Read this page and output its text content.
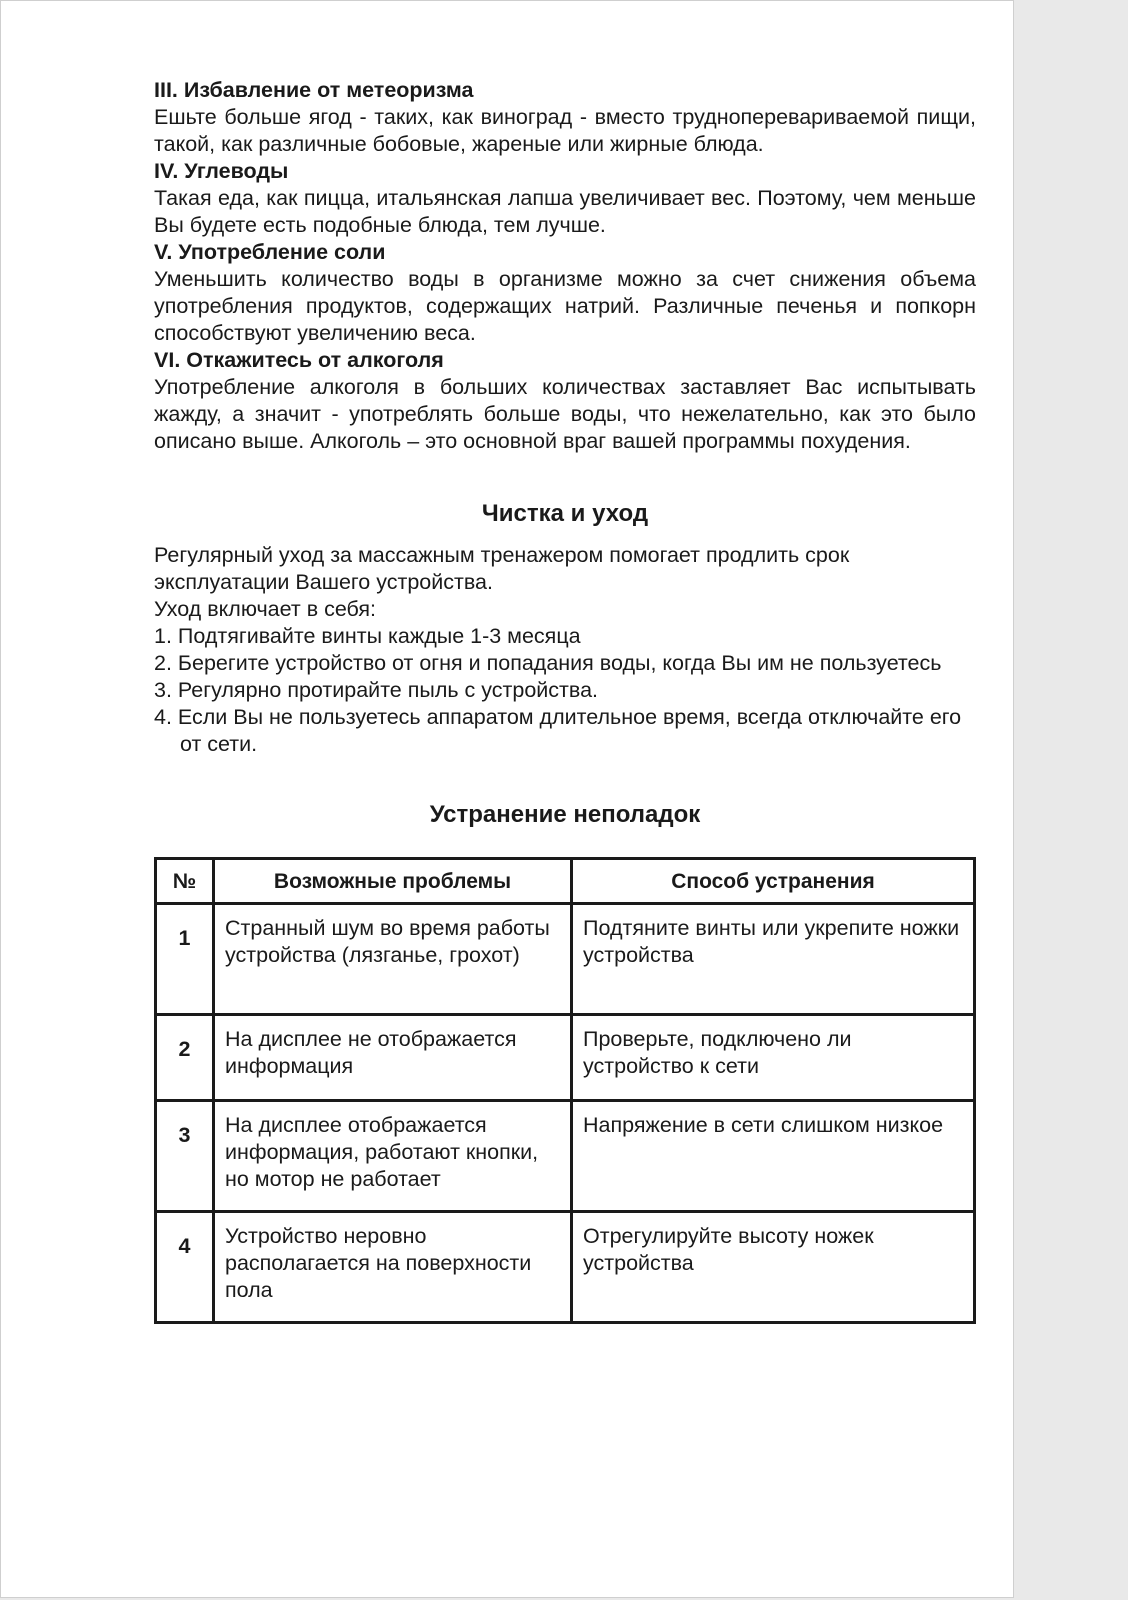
III. Избавление от метеоризма

Ешьте больше ягод - таких, как виноград - вместо трудноперевариваемой пищи, такой, как различные бобовые, жареные или жирные блюда.

IV. Углеводы

Такая еда, как пицца, итальянская лапша увеличивает вес. Поэтому, чем меньше Вы будете есть подобные блюда, тем лучше.

V. Употребление соли

Уменьшить количество воды в организме можно за счет снижения объема употребления продуктов, содержащих натрий. Различные печенья и попкорн способствуют увеличению веса.

VI. Откажитесь от алкоголя

Употребление алкоголя в больших количествах заставляет Вас испытывать жажду, а значит - употреблять больше воды, что нежелательно, как это было описано выше. Алкоголь – это основной враг вашей программы похудения.

Чистка и уход

Регулярный уход за массажным тренажером помогает продлить срок эксплуатации Вашего устройства.

Уход включает в себя:

1. Подтягивайте винты каждые 1-3 месяца
2. Берегите устройство от огня и попадания воды, когда Вы им не пользуетесь
3. Регулярно протирайте пыль с устройства.
4. Если Вы не пользуетесь аппаратом длительное время, всегда отключайте его от сети.
Устранение неполадок
№	Возможные проблемы	Способ устранения
1	Странный шум во время работы устройства (лязганье, грохот)	Подтяните винты или укрепите ножки устройства
2	На дисплее не отображается информация	Проверьте, подключено ли устройство к сети
3	На дисплее отображается информация, работают кнопки, но мотор не работает	Напряжение в сети слишком низкое
4	Устройство неровно располагается на поверхности пола	Отрегулируйте высоту ножек устройства
